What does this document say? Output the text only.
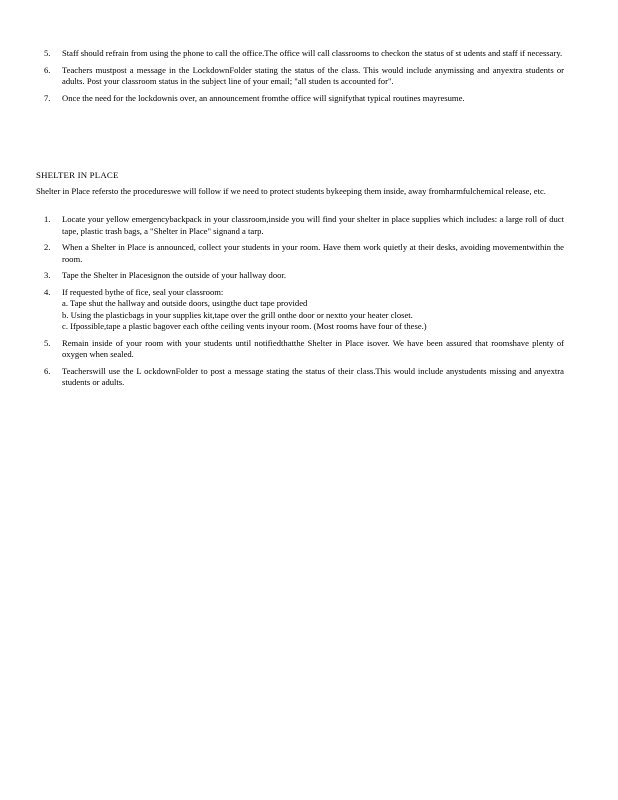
5.	Staff should refrain from using the phone to call the office.The office will call classrooms to checkon the status of st udents and staff if necessary.
6.	Teachers mustpost a message in the LockdownFolder stating the status of the class. This would include anymissing and anyextra students or adults. Post your classroom status in the subject line of your email; "all studen ts accounted for".
7.	Once the need for the lockdownis over, an announcement fromthe office will signifythat typical routines mayresume.
SHELTER IN PLACE
Shelter in Place refersto the procedureswe will follow if we need to protect students bykeeping them inside, away fromharmfulchemical release, etc.
1.	Locate your yellow emergencybackpack in your classroom,inside you will find your shelter in place supplies which includes: a large roll of duct tape, plastic trash bags, a "Shelter in Place" signand a tarp.
2.	When a Shelter in Place is announced, collect your students in your room. Have them work quietly at their desks, avoiding movementwithin the room.
3.	Tape the Shelter in Placesignon the outside of your hallway door.
4.	If requested bythe of fice, seal your classroom:
a. Tape shut the hallway and outside doors, usingthe duct tape provided
b. Using the plasticbags in your supplies kit,tape over the grill onthe door or nextto your heater closet.
c. Ifpossible,tape a plastic bagover each ofthe ceiling vents inyour room. (Most rooms have four of these.)
5.	Remain inside of your room with your students until notifiedthatthe Shelter in Place isover. We have been assured that roomshave plenty of oxygen when sealed.
6.	Teacherswill use the L ockdownFolder to post a message stating the status of their class.This would include anystudents missing and anyextra students or adults.
